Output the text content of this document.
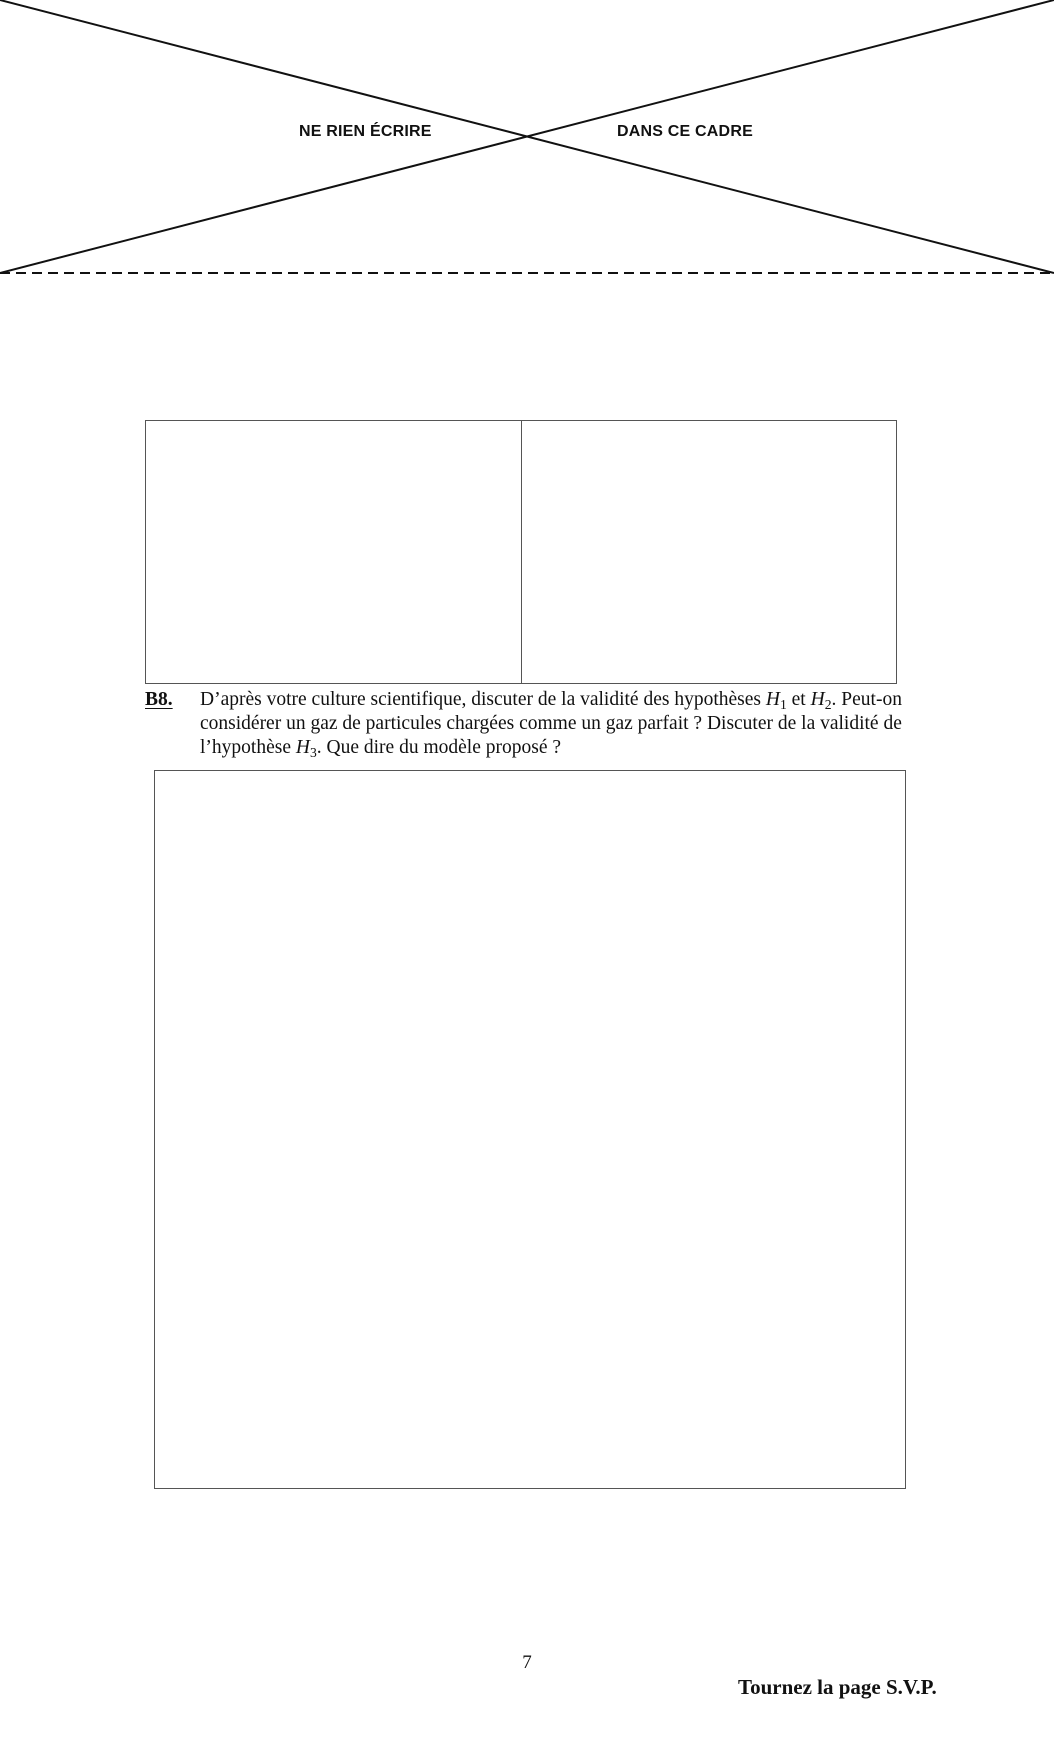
NE RIEN ÉCRIRE	DANS CE CADRE
B8. D’après votre culture scientifique, discuter de la validité des hypothèses $H_1$ et $H_2$. Peut-on considérer un gaz de particules chargées comme un gaz parfait ? Discuter de la validité de l’hypothèse $H_3$. Que dire du modèle proposé ?
7
Tournez la page S.V.P.
